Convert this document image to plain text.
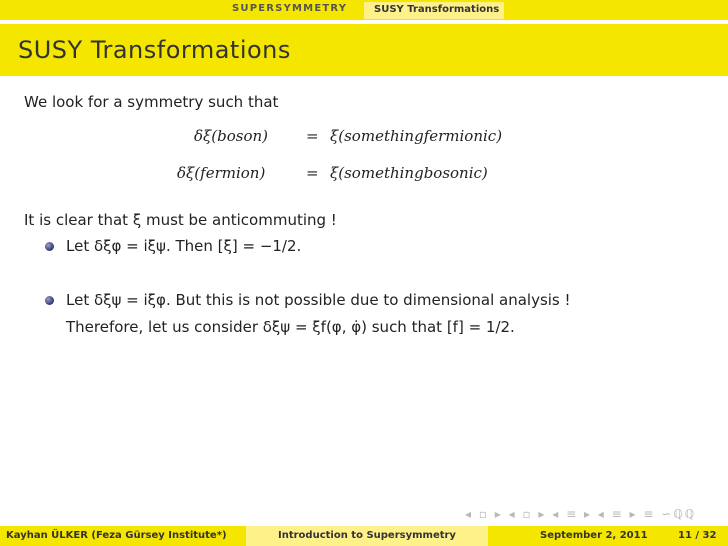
SUPERSYMMETRY	SUSY Transformations
SUSY Transformations
We look for a symmetry such that
δξ(boson)	= ξ(somethingfermionic)
δξ(fermion)	= ξ(somethingbosonic)
It is clear that ξ must be anticommuting !
Let δξφ = iξψ. Then [ξ] = −1/2.
Let δξψ = iξφ. But this is not possible due to dimensional analysis !
Therefore, let us consider δξψ = ξf(φ, φ̇) such that [f] = 1/2.
◂ ▫ ▸ ◂ ▫ ▸ ◂ ≡ ▸ ◂ ≡ ▸ ≡ ∽ℚℚ
Kayhan ÜLKER (Feza Gürsey Institute*)	Introduction to Supersymmetry	September 2, 2011	11 / 32
